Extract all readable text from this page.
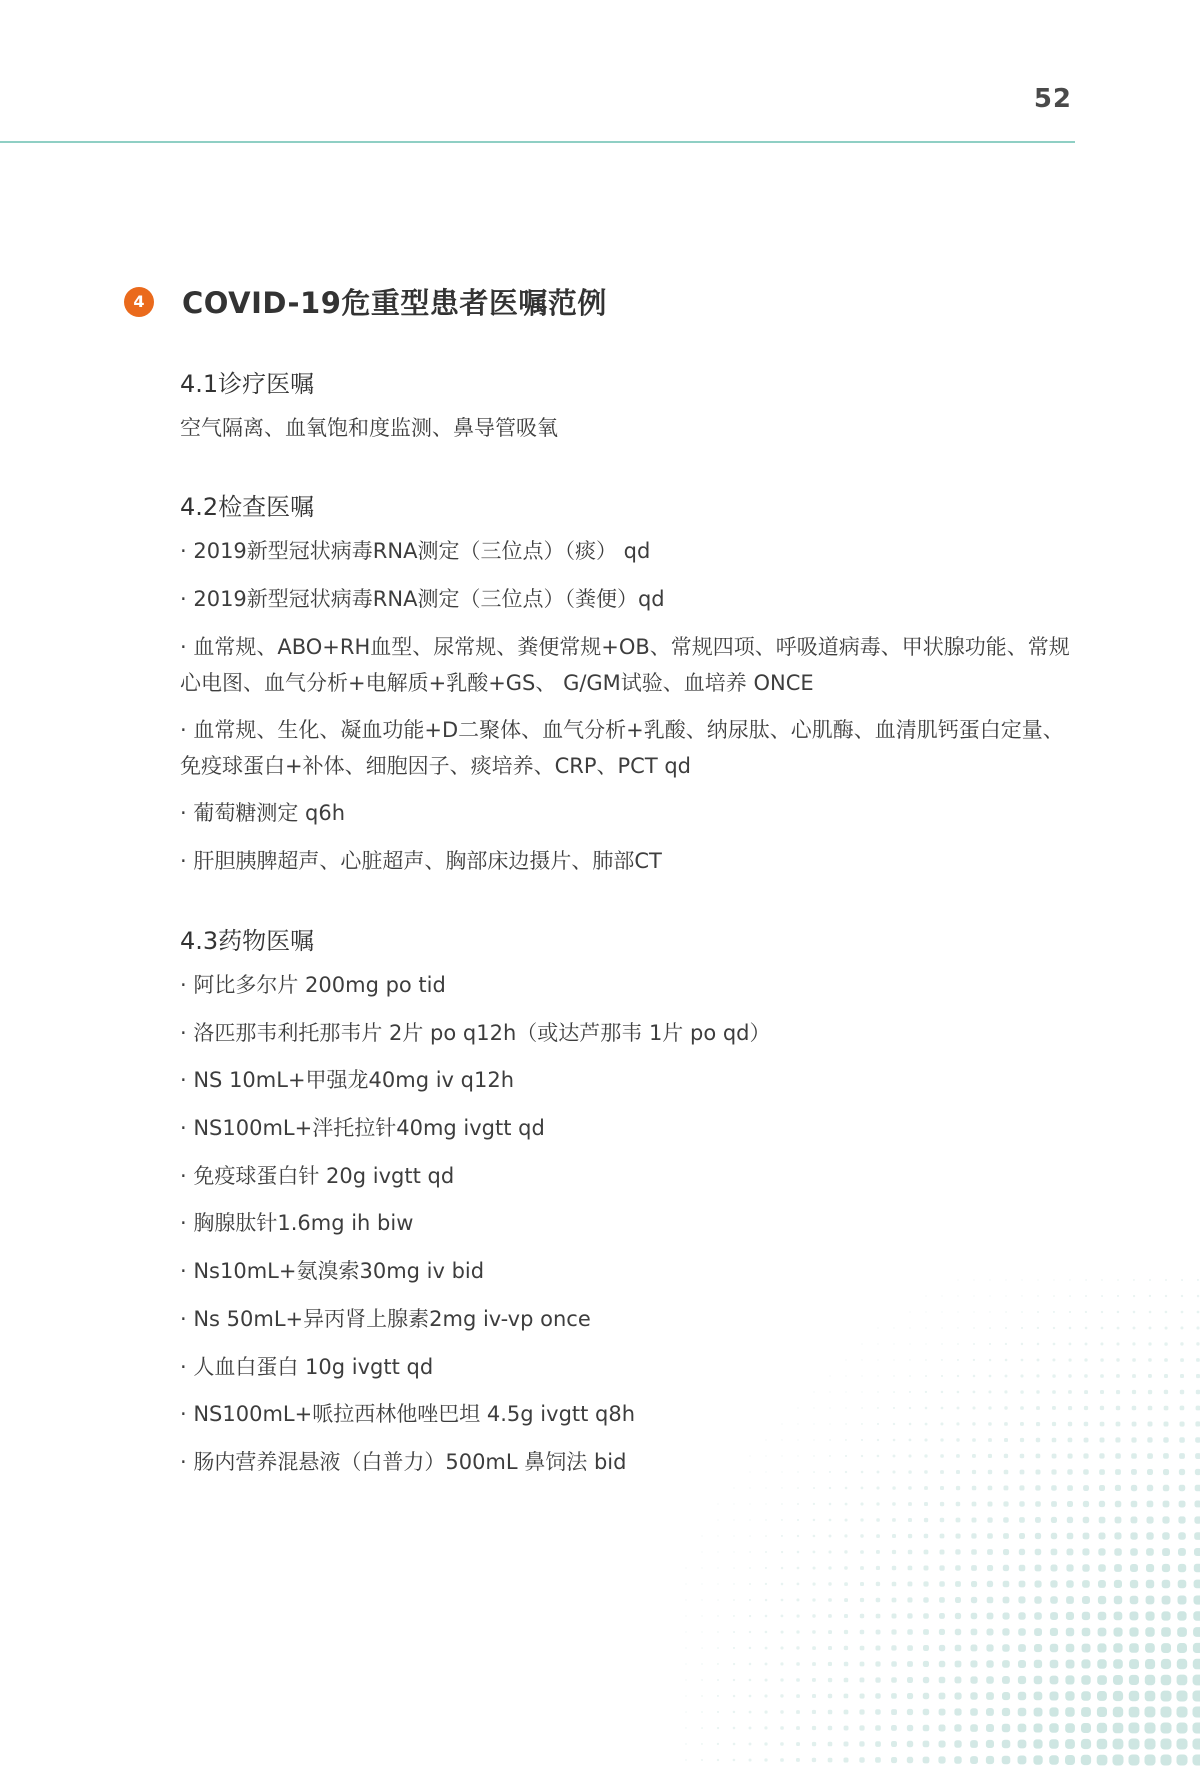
52
4	COVID-19危重型患者医嘱范例
4.1诊疗医嘱

空气隔离、血氧饱和度监测、鼻导管吸氧

4.2检查医嘱

· 2019新型冠状病毒RNA测定（三位点）（痰） qd

· 2019新型冠状病毒RNA测定（三位点）（粪便）qd

· 血常规、ABO+RH血型、尿常规、粪便常规+OB、常规四项、呼吸道病毒、甲状腺功能、常规心电图、血气分析+电解质+乳酸+GS、 G/GM试验、血培养 ONCE

· 血常规、生化、凝血功能+D二聚体、血气分析+乳酸、纳尿肽、心肌酶、血清肌钙蛋白定量、免疫球蛋白+补体、细胞因子、痰培养、CRP、PCT qd

· 葡萄糖测定 q6h

· 肝胆胰脾超声、心脏超声、胸部床边摄片、肺部CT

4.3药物医嘱

· 阿比多尔片 200mg po tid

· 洛匹那韦利托那韦片 2片 po q12h（或达芦那韦 1片 po qd）

· NS 10mL+甲强龙40mg iv q12h

· NS100mL+泮托拉针40mg ivgtt qd

· 免疫球蛋白针 20g ivgtt qd

· 胸腺肽针1.6mg ih biw

· Ns10mL+氨溴索30mg iv bid

· Ns 50mL+异丙肾上腺素2mg iv-vp once

· 人血白蛋白 10g ivgtt qd

· NS100mL+哌拉西林他唑巴坦 4.5g ivgtt q8h

· 肠内营养混悬液（白普力）500mL 鼻饲法 bid
